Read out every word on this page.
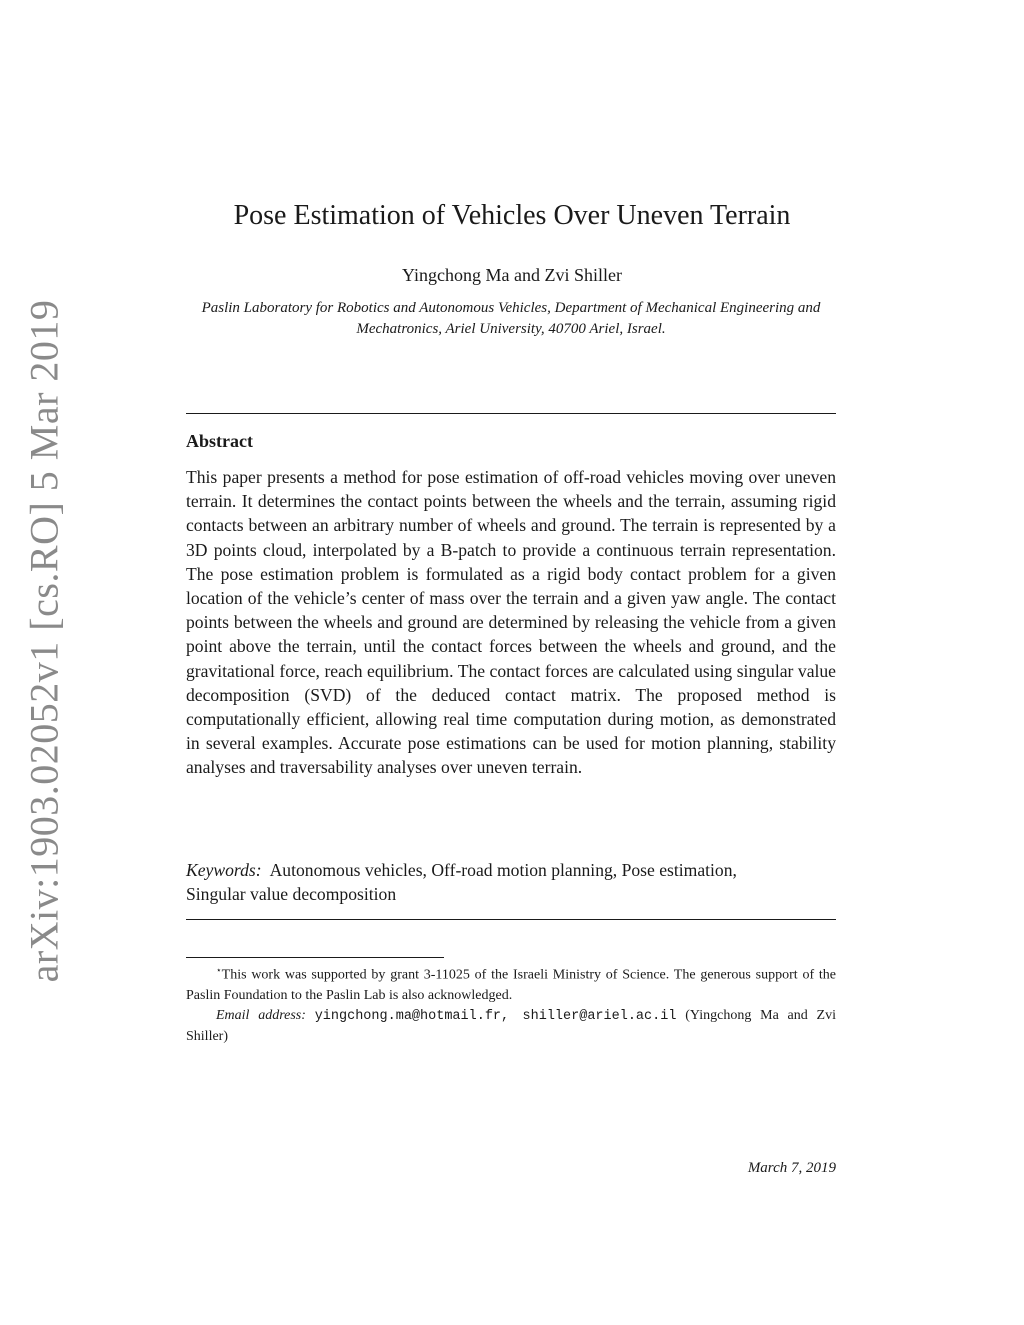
arXiv:1903.02052v1 [cs.RO] 5 Mar 2019
Pose Estimation of Vehicles Over Uneven Terrain
Yingchong Ma and Zvi Shiller
Paslin Laboratory for Robotics and Autonomous Vehicles, Department of Mechanical Engineering and Mechatronics, Ariel University, 40700 Ariel, Israel.
Abstract

This paper presents a method for pose estimation of off-road vehicles moving over uneven terrain. It determines the contact points between the wheels and the terrain, assuming rigid contacts between an arbitrary number of wheels and ground. The terrain is represented by a 3D points cloud, interpolated by a B-patch to provide a continuous terrain representation. The pose estimation problem is formulated as a rigid body contact problem for a given location of the vehicle’s center of mass over the terrain and a given yaw angle. The contact points between the wheels and ground are determined by releasing the vehicle from a given point above the terrain, until the contact forces between the wheels and ground, and the gravitational force, reach equilibrium. The contact forces are calculated using singular value decomposition (SVD) of the deduced contact matrix. The proposed method is computationally efficient, allowing real time computation during motion, as demonstrated in several examples. Accurate pose estimations can be used for motion planning, stability analyses and traversability analyses over uneven terrain.

Keywords: Autonomous vehicles, Off-road motion planning, Pose estimation, Singular value decomposition

⋆This work was supported by grant 3-11025 of the Israeli Ministry of Science. The generous support of the Paslin Foundation to the Paslin Lab is also acknowledged.

Email address: yingchong.ma@hotmail.fr, shiller@ariel.ac.il (Yingchong Ma and Zvi Shiller)

March 7, 2019
